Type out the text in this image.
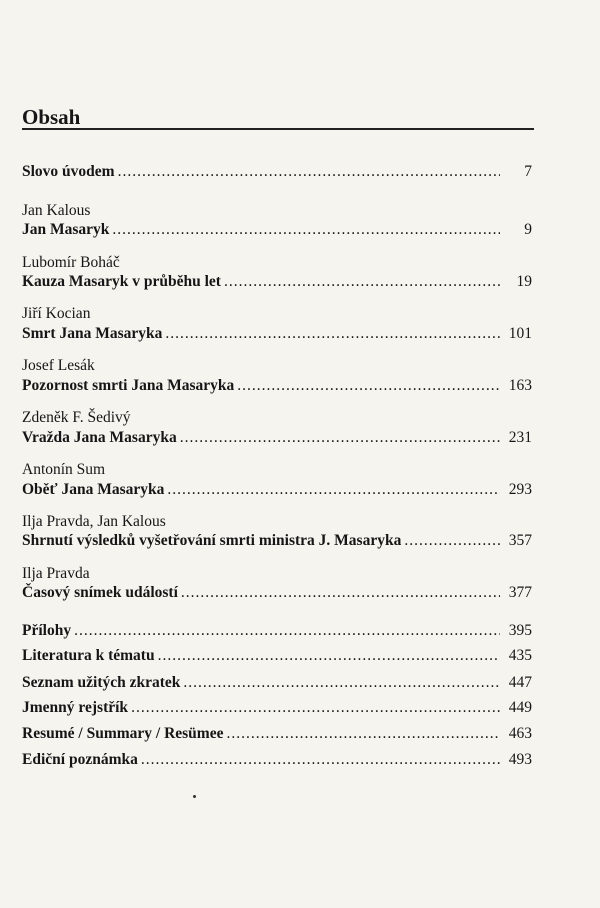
Obsah
Slovo úvodem .....	7
Jan Kalous
Jan Masaryk .....	9
Lubomír Boháč
Kauza Masaryk v průběhu let .....	19
Jiří Kocian
Smrt Jana Masaryka .....	101
Josef Lesák
Pozornost smrti Jana Masaryka .....	163
Zdeněk F. Šedivý
Vražda Jana Masaryka .....	231
Antonín Sum
Oběť Jana Masaryka .....	293
Ilja Pravda, Jan Kalous
Shrnutí výsledků vyšetřování smrti ministra J. Masaryka .....	357
Ilja Pravda
Časový snímek událostí .....	377
Přílohy .....	395
Literatura k tématu .....	435
Seznam užitých zkratek .....	447
Jmenný rejstřík .....	449
Resumé / Summary / Resümee .....	463
Ediční poznámka .....	493
